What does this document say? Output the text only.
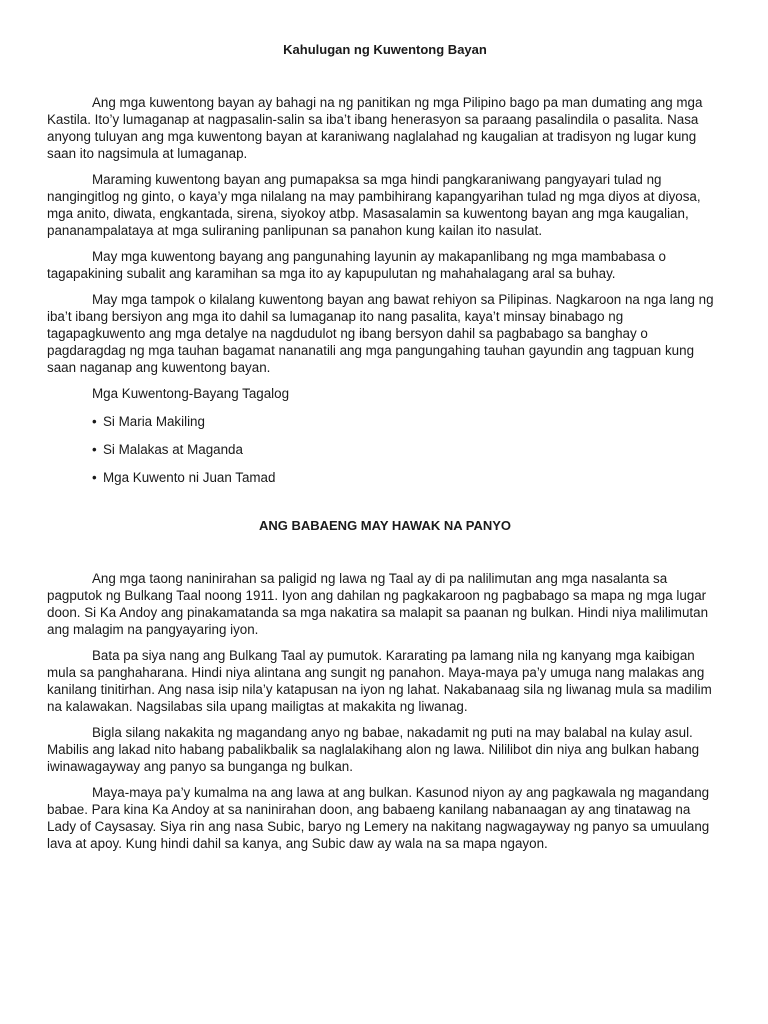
Kahulugan ng Kuwentong Bayan

Ang mga kuwentong bayan ay bahagi na ng panitikan ng mga Pilipino bago pa man dumating ang mga Kastila. Ito’y lumaganap at nagpasalin-salin sa iba’t ibang henerasyon sa paraang pasalindila o pasalita. Nasa anyong tuluyan ang mga kuwentong bayan at karaniwang naglalahad ng kaugalian at tradisyon ng lugar kung saan ito nagsimula at lumaganap.

Maraming kuwentong bayan ang pumapaksa sa mga hindi pangkaraniwang pangyayari tulad ng nangingitlog ng ginto, o kaya’y mga nilalang na may pambihirang kapangyarihan tulad ng mga diyos at diyosa, mga anito, diwata, engkantada, sirena, siyokoy atbp. Masasalamin sa kuwentong bayan ang mga kaugalian, pananampalataya at mga suliraning panlipunan sa panahon kung kailan ito nasulat.

May mga kuwentong bayang ang pangunahing layunin ay makapanlibang ng mga mambabasa o tagapakining subalit ang karamihan sa mga ito ay kapupulutan ng mahahalagang aral sa buhay.

May mga tampok o kilalang kuwentong bayan ang bawat rehiyon sa Pilipinas. Nagkaroon na nga lang ng iba’t ibang bersiyon ang mga ito dahil sa lumaganap ito nang pasalita, kaya’t minsay binabago ng tagapagkuwento ang mga detalye na nagdudulot ng ibang bersyon dahil sa pagbabago sa banghay o pagdaragdag ng mga tauhan bagamat nananatili ang mga pangungahing tauhan gayundin ang tagpuan kung saan naganap ang kuwentong bayan.

Mga Kuwentong-Bayang Tagalog
• Si Maria Makiling
• Si Malakas at Maganda
• Mga Kuwento ni Juan Tamad
ANG BABAENG MAY HAWAK NA PANYO

Ang mga taong naninirahan sa paligid ng lawa ng Taal ay di pa nalilimutan ang mga nasalanta sa pagputok ng Bulkang Taal noong 1911. Iyon ang dahilan ng pagkakaroon ng pagbabago sa mapa ng mga lugar doon. Si Ka Andoy ang pinakamatanda sa mga nakatira sa malapit sa paanan ng bulkan. Hindi niya malilimutan ang malagim na pangyayaring iyon.

Bata pa siya nang ang Bulkang Taal ay pumutok. Kararating pa lamang nila ng kanyang mga kaibigan mula sa panghaharana. Hindi niya alintana ang sungit ng panahon. Maya-maya pa’y umuga nang malakas ang kanilang tinitirhan. Ang nasa isip nila’y katapusan na iyon ng lahat. Nakabanaag sila ng liwanag mula sa madilim na kalawakan. Nagsilabas sila upang mailigtas at makakita ng liwanag.

Bigla silang nakakita ng magandang anyo ng babae, nakadamit ng puti na may balabal na kulay asul. Mabilis ang lakad nito habang pabalikbalik sa naglalakihang alon ng lawa. Nililibot din niya ang bulkan habang iwinawagayway ang panyo sa bunganga ng bulkan.

Maya-maya pa’y kumalma na ang lawa at ang bulkan. Kasunod niyon ay ang pagkawala ng magandang babae. Para kina Ka Andoy at sa naninirahan doon, ang babaeng kanilang nabanaagan ay ang tinatawag na Lady of Caysasay. Siya rin ang nasa Subic, baryo ng Lemery na nakitang nagwagayway ng panyo sa umuulang lava at apoy. Kung hindi dahil sa kanya, ang Subic daw ay wala na sa mapa ngayon.
